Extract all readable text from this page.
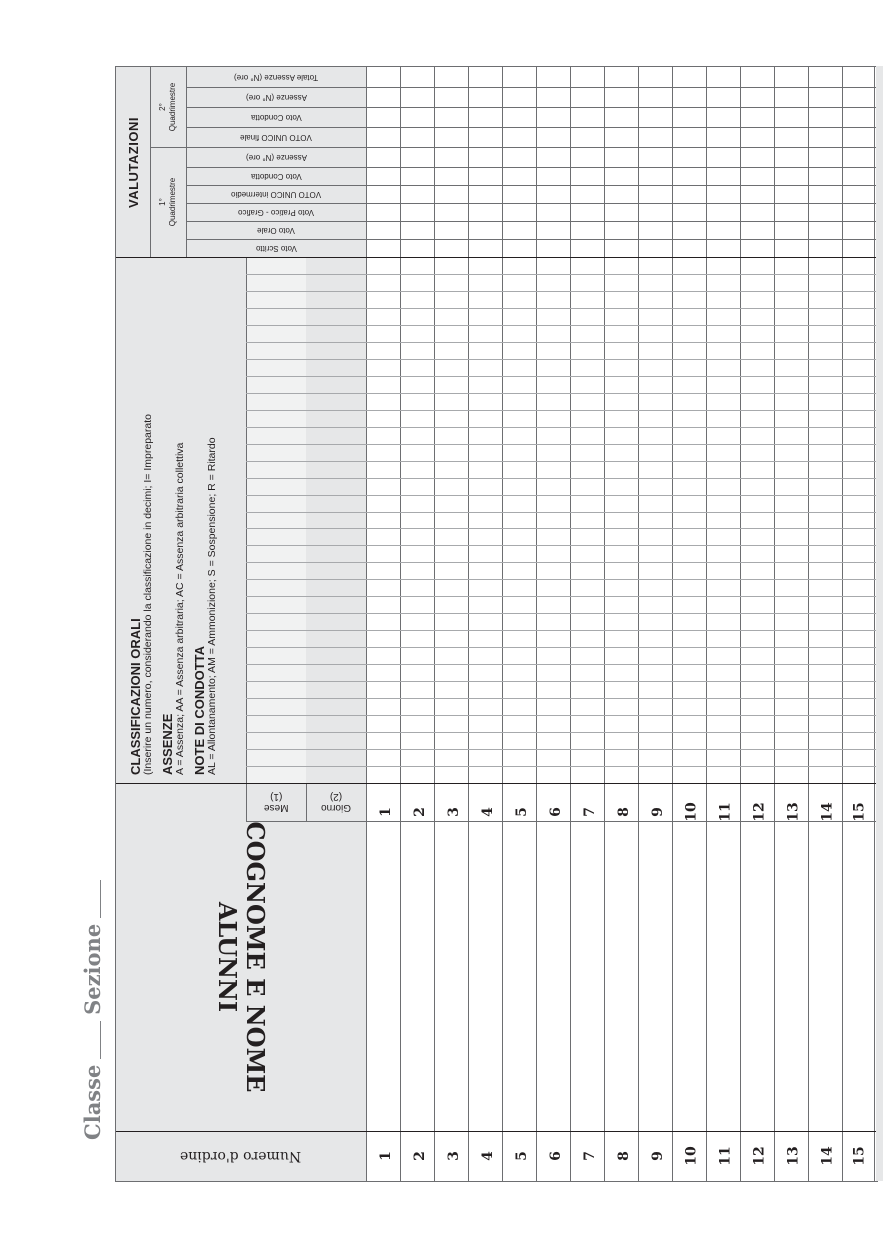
Classe
Sezione
Numero d'ordine
COGNOME E NOME
ALUNNI
Mese
(1)
Giorno
(2)
CLASSIFICAZIONI ORALI (Inserire un numero, considerando la classificazione in decimi; I= Impreparato ASSENZE A = Assenza; AA = Assenza arbitraria; AC = Assenza arbitraria collettiva NOTE DI CONDOTTA AL = Allontanamento; AM = Ammonizione; S = Sospensione; R = Ritardo
VALUTAZIONI 1° Quadrimestre
2° Quadrimestre
VOTO UNICO finale
Voto Condotta
Assenze (N° ore)
Totale Assenze (N° ore)
Voto Scritto
Voto Orale
Voto Pratico - Grafico
VOTO UNICO intermedio
Voto Condotta
Assenze (N° ore)
1 2 3 4 5 6 7 8 9 10 11 12 13 14 15
1 2 3 4 5 6 7 8 9 10 11 12 13 14 15
